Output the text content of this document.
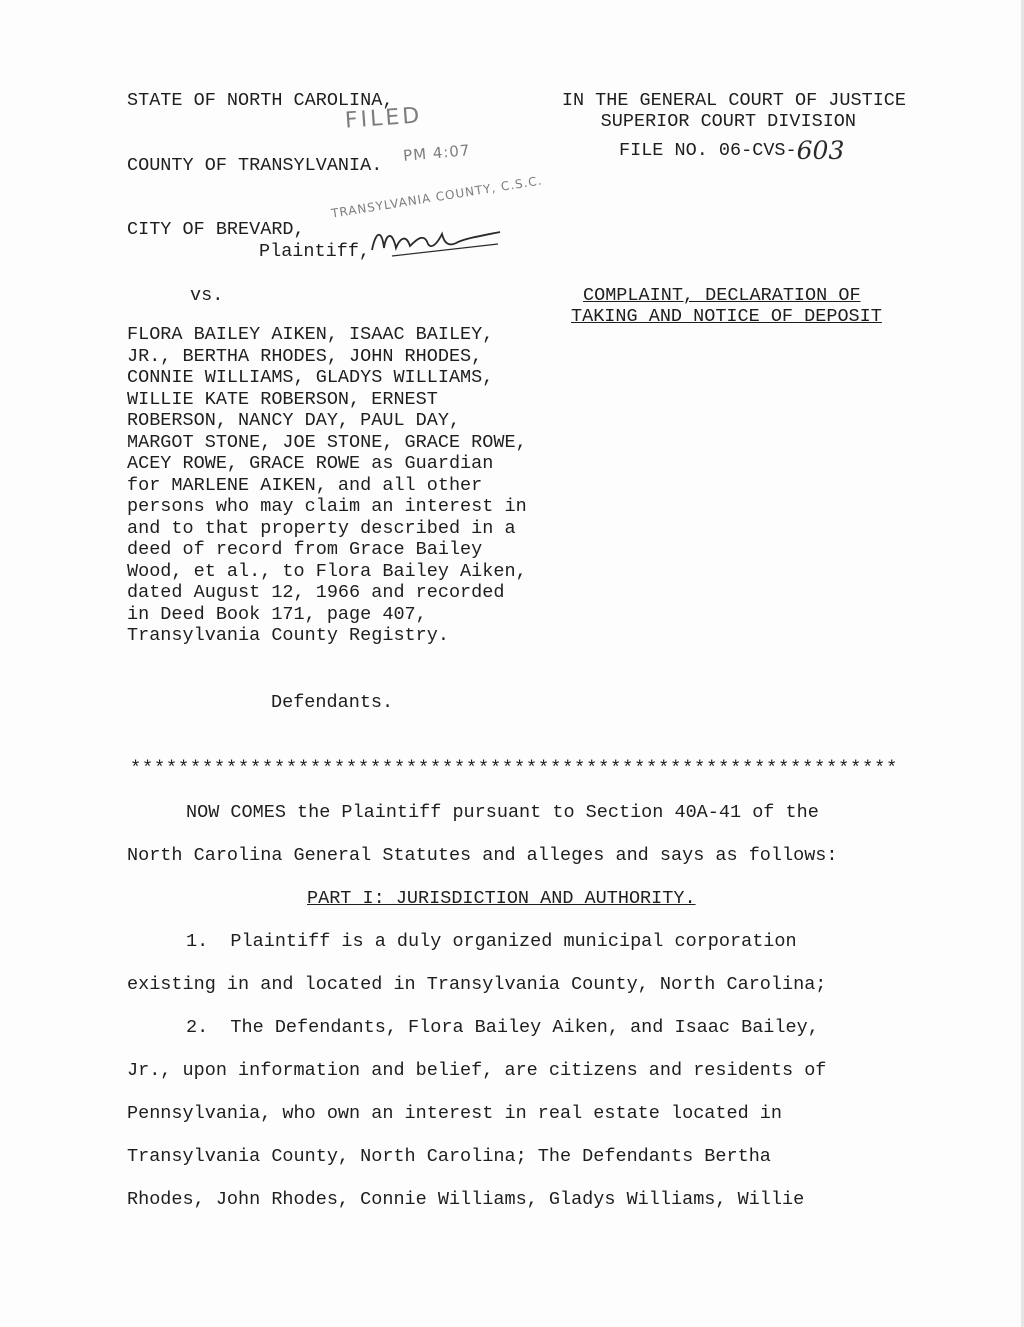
STATE OF NORTH CAROLINA,
COUNTY OF TRANSYLVANIA.
CITY OF BREVARD,
Plaintiff,
vs.
FLORA BAILEY AIKEN, ISAAC BAILEY, JR., BERTHA RHODES, JOHN RHODES, CONNIE WILLIAMS, GLADYS WILLIAMS, WILLIE KATE ROBERSON, ERNEST ROBERSON, NANCY DAY, PAUL DAY, MARGOT STONE, JOE STONE, GRACE ROWE, ACEY ROWE, GRACE ROWE as Guardian for MARLENE AIKEN, and all other persons who may claim an interest in and to that property described in a deed of record from Grace Bailey Wood, et al., to Flora Bailey Aiken, dated August 12, 1966 and recorded in Deed Book 171, page 407, Transylvania County Registry.
Defendants.
FILED
PM 4:07
TRANSYLVANIA COUNTY, C.S.C.
IN THE GENERAL COURT OF JUSTICE
SUPERIOR COURT DIVISION
FILE NO. 06-CVS-603
COMPLAINT, DECLARATION OF
TAKING AND NOTICE OF DEPOSIT
****************************************************************
NOW COMES the Plaintiff pursuant to Section 40A-41 of the
North Carolina General Statutes and alleges and says as follows:
PART I: JURISDICTION AND AUTHORITY.
1.  Plaintiff is a duly organized municipal corporation
existing in and located in Transylvania County, North Carolina;
2.  The Defendants, Flora Bailey Aiken, and Isaac Bailey,
Jr., upon information and belief, are citizens and residents of
Pennsylvania, who own an interest in real estate located in
Transylvania County, North Carolina; The Defendants Bertha
Rhodes, John Rhodes, Connie Williams, Gladys Williams, Willie
